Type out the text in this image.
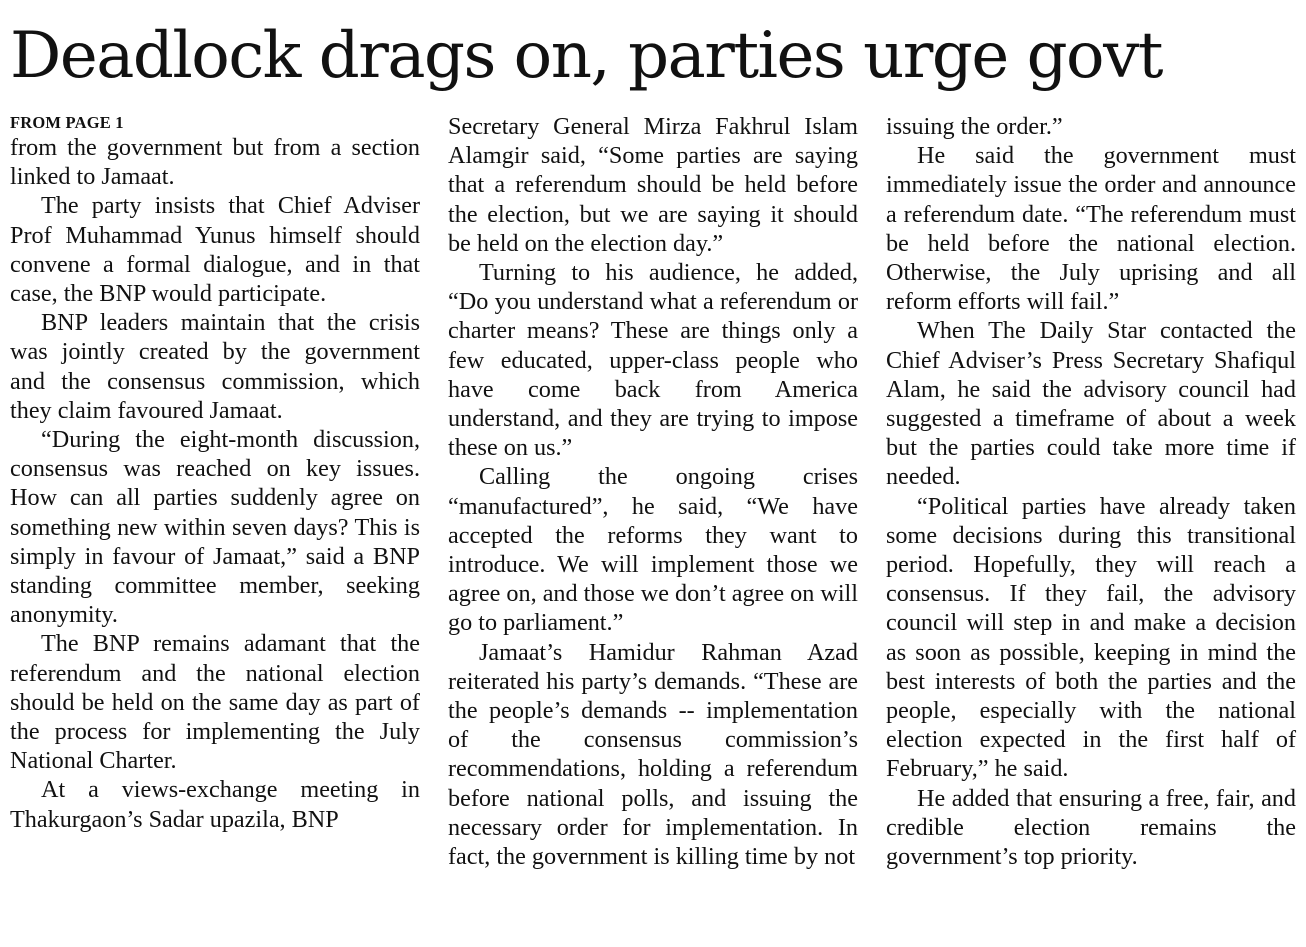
Deadlock drags on, parties urge govt

FROM PAGE 1

from the government but from a section linked to Jamaat.

The party insists that Chief Adviser Prof Muhammad Yunus himself should convene a formal dialogue, and in that case, the BNP would participate.

BNP leaders maintain that the crisis was jointly created by the government and the consensus commission, which they claim favoured Jamaat.

“During the eight-month discussion, consensus was reached on key issues. How can all parties suddenly agree on something new within seven days? This is simply in favour of Jamaat,” said a BNP standing committee member, seeking anonymity.

The BNP remains adamant that the referendum and the national election should be held on the same day as part of the process for implementing the July National Charter.

At a views-exchange meeting in Thakurgaon’s Sadar upazila, BNP

Secretary General Mirza Fakhrul Islam Alamgir said, “Some parties are saying that a referendum should be held before the election, but we are saying it should be held on the election day.”

Turning to his audience, he added, “Do you understand what a referendum or charter means? These are things only a few educated, upper-class people who have come back from America understand, and they are trying to impose these on us.”

Calling the ongoing crises “manufactured”, he said, “We have accepted the reforms they want to introduce. We will implement those we agree on, and those we don’t agree on will go to parliament.”

Jamaat’s Hamidur Rahman Azad reiterated his party’s demands. “These are the people’s demands -- implementation of the consensus commission’s recommendations, holding a referendum before national polls, and issuing the necessary order for implementation. In fact, the government is killing time by not

issuing the order.”

He said the government must immediately issue the order and announce a referendum date. “The referendum must be held before the national election. Otherwise, the July uprising and all reform efforts will fail.”

When The Daily Star contacted the Chief Adviser’s Press Secretary Shafiqul Alam, he said the advisory council had suggested a timeframe of about a week but the parties could take more time if needed.

“Political parties have already taken some decisions during this transitional period. Hopefully, they will reach a consensus. If they fail, the advisory council will step in and make a decision as soon as possible, keeping in mind the best interests of both the parties and the people, especially with the national election expected in the first half of February,” he said.

He added that ensuring a free, fair, and credible election remains the government’s top priority.
